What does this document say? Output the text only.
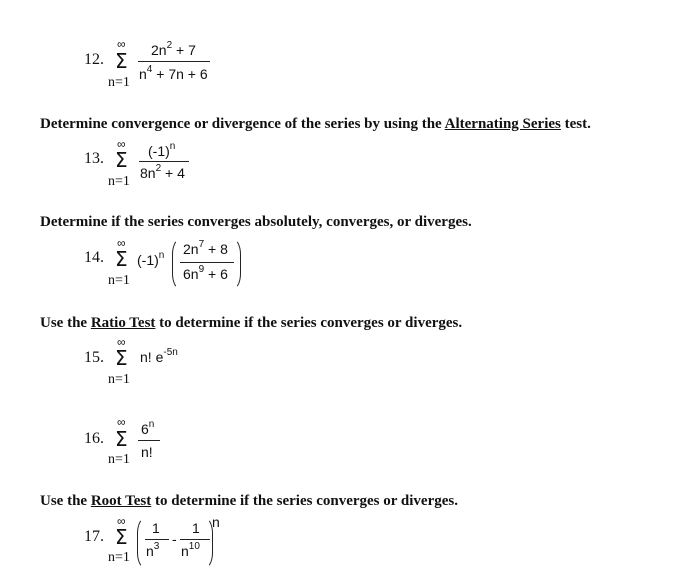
12.
∞
Σ
n=1
$2n^2 + 7$
$n^4 + 7n + 6$
Determine convergence or divergence of the series by using the Alternating Series test.
13.
∞
Σ
n=1
$(-1)^n$
$8n^2 + 4$
Determine if the series converges absolutely, converges, or diverges.
14.
∞
Σ
n=1
$(-1)^n$ $2n^7 + 8$
$6n^9 + 6$
Use the Ratio Test to determine if the series converges or diverges.
15.
∞
Σ
n=1
n! $e^{-5n}$
16.
∞
Σ
n=1
6$^n$
n!
Use the Root Test to determine if the series converges or diverges.
17.
∞
Σ
n=1
1
$n^3$ -
1
$n^{10}$
n
